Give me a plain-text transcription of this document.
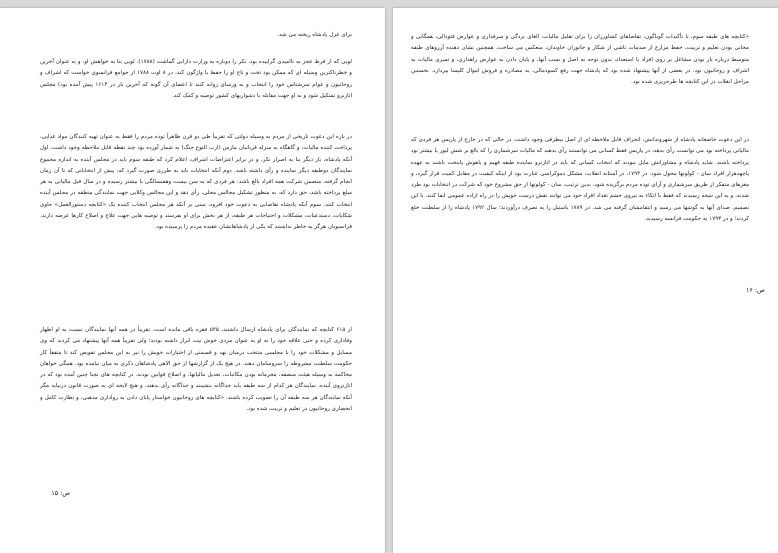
برای عزل پادشاه ریخته می شد.

لویی که از فرط عجز به ناامیدی گراییده بود، نکر را دوباره به وزارت دارایی گماشت (۱۷۸۸). لویی بنا به خواهش او، و به عنوان آخرین و خطرناکترین وسیله ای که ممکن بود تخت و تاج او را حفظ یا واژگون کند، در ۸ اوت ۱۷۸۸ از جوامع فرانسوی خواست که اشراف و روحانیون و عوام سرشناس خود را انتخاب و به ورسای روانه کنند تا اعضای آن گونه که آخرین بار در ۱۶۱۴ پیش آمده بود) مجلس اتازنرو تشکیل شود و به او جهت مقابله با دشواریهای کشور توصیه و کمک کند.

در باره این دعوت تاریخی از مردم به وسیله دولتی که تقریباً طی دو قرن ظاهراً توده مردم را فقط به عنوان تهیه کنندگان مواد غذایی، پرداخت کننده مالیات، و گاهگاه به منزله قربانیان مارس (ارب النوع جنگ) به شمار آورده بود چند نقطه قابل ملاحظه وجود داشت. اول آنکه پادشاه، بار دیگر بنا به اصرار نکر، و در برابر اعتراضات اشراف، اعلام کرد که طبقه سوم باید در مجلس آینده به اندازه مجموع نمایندگان دوطبقه دیگر نماینده و رأی داشته باشد. دوم آنکه انتخابات باید به طرزی صورت گیرد که، پیش از انتخاباتی که تا آن زمان انجام گرفته، منضمن شرکت همه افراد بالغ باشد: هر فردی که به سن بیست وهفتسالگی یا بیشتر رسیده و در سال قبل مالیاتی به هر مبلغ پرداخته باشد، حق دارد که، به منظور تشکیل مجالس محلی، رأی دهد و این مجالس وکلایی جهت نمایندگی منطقه در مجلس آینده انتخاب کنند. سوم آنکه پادشاه تقاضایی به دعوت خود افزود، مبنی بر آنکه هر مجلس انتخاب کننده یک «کتابچه دستورالعمل» حاوی شکایات، دستدعیات، مشکلات و احتیاجات هر طبقه، از هر بخش برای او بفرستد و توصیه هایی جهت علاج و اصلاح کارها عرضه دارند. فرانسویان هرگز به خاطر نداشتند که یکی از پادشاهانشان عقیده مردم را پرسیده بود.

از ۶۱۵ کتابچه که نمایندگان برای پادشاه ارسال داشتند، ۵۴۵ فقره باقی مانده است. تقریباً در همه آنها نمایندگان نسبت به او اظهار وفاداری کرده و حتی علاقه خود را به او به عنوان مردی خوش نیت ابراز داشته بودند؛ ولی تقریباً همه آنها پیشنهاد می کردند که وی مسایل و مشکلات خود را با مجلسی منتخب درمیان نهد و قسمتی از اختیارات خویش را نیز به این مجلس تفویض کند تا متفقاً کار حکومت سلطنت مشروطه را سروسامان دهند. در هیچ یک از گزارشها از حق الاهی پادشاهان ذکری به میان نیامده بود. همگی خواهان محاکمه به وسیله هیئت منصفه، محرمانه بودن مکاتبات، تعدیل مالیاتها، و اصلاح قوانین بودند. در کتابچه های نجبا چنین آمده بود که در اتازنروی آینده، نمایندگان هر کدام از سه طبقه باید جداگانه بنشینند و جداگانه رأی بدهند، و هیچ لایحه ای به صورت قانون درنیاید مگر آنکه نمایندگان هر سه طبقه آن را تصویب کرده باشند. «کتابچه های روحانیون خواستار پایان دادن به رواداری مذهبی، و نظارت کامل و انحصاری روحانیون در تعلیم و تربیت شده بود.

ص: ۱۵

«کتابچه های طبقه سوم، با تأکیدات گوناگون، تقاضاهای کشاورزان را برای تقلیل مالیات، الغای بردگی و سرفداری و عوارض فئودالی، همگانی و مجانی بودن تعلیم و تربیت، حفظ مزارع از صدمات ناشی از شکار و جانوران خاوندان، منعکس می ساخت. همچنین نشان دهنده آرزوهای طبقه متوسط درباره باز بودن مشاغل بر روی افراد با استعداد، بدون توجه به اصل و نسب آنها، و پایان دادن به عوارض راهداری، و تسری مالیات به اشراف و روحانیون بود. در بعضی از آنها پیشنهاد شده بود که پادشاه جهت رفع کمبودمالی، به مصادره و فروش اموال کلیسا بپردازد. نخستین مراحل انقلاب در این کتابچه ها طرحریزی شده بود.

در این دعوت خاضعانه پادشاه از شهروندانش، انحراف قابل ملاحظه ای از اصل بیطرفی وجود داشت. در حالی که در خارج از پاریس هر فردی که مالیاتی پرداخته بود می توانست رأی بدهد، در پاریس فقط کسانی می توانستند رأی بدهند که مالیات سرشماری را که بالغ بر شش لیور یا بیشتر بود پرداخته باشند. شاید پادشاه و مشاورانش مایل نبودند که انتخاب کسانی که باید در اتازنرو نماینده طبقه فهیم و باهوش پایتخت باشند به عهده پاچهدهزار افراد سان - کولوتها محول شود. در ۱۷۹۳، در آستانه انقلاب، مشکل دموکراسی عبارت بود از اینکه کیفیت در مقابل کمیت قرار گیرد، و مغزهای متفکر از طریق سرشماری و آرای توده مردم برگزیده شود. بدین ترتیب، سان - کولوتها از حق مشروع خود که شرکت در انتخابات بود طرد شدند، و به این نتیجه رسیدند که فقط با اتکاء به نیروی خشم تعداد افراد خود می توانند نقش درست خویش را در راه اراده عمومی ایفا کنند. با این تصمیم، صدای آنها به گوشها می رسید و انتقامشان گرفته می شد. در ۱۷۸۹ باستیل را به تصرف درآوردند؛ سال ۱۷۹۲ پادشاه را از سلطنت خلع کردند؛ و در ۱۷۹۳ به حکومت فرانسه رسیدند.

ص: ۱۶
